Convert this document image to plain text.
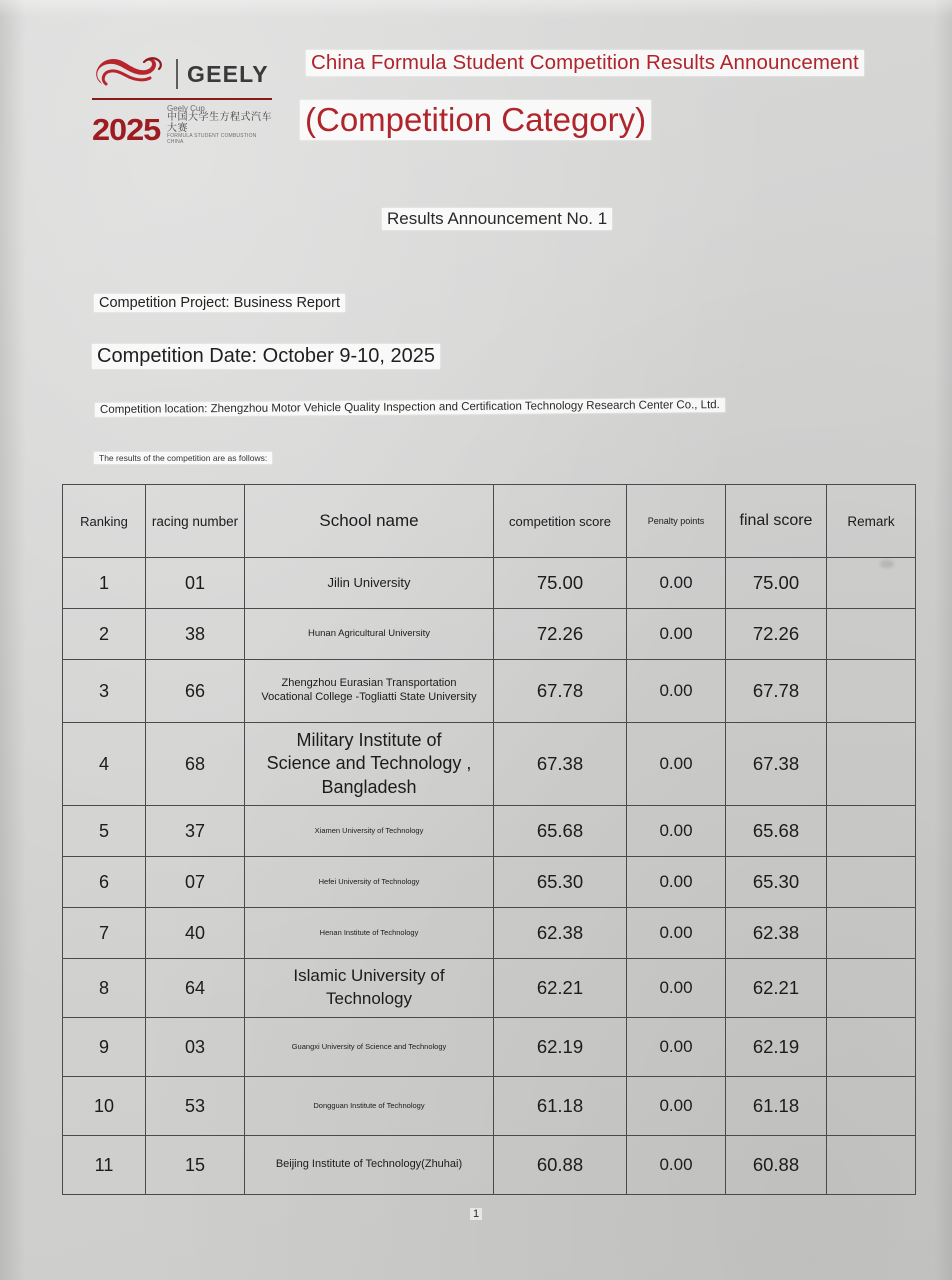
GEELY
2025
Geely Cup
中国大学生方程式汽车大赛
FORMULA STUDENT COMBUSTION CHINA
China Formula Student Competition Results Announcement
(Competition Category)
Results Announcement No. 1
Competition Project: Business Report
Competition Date: October 9-10, 2025
Competition location: Zhengzhou Motor Vehicle Quality Inspection and Certification Technology Research Center Co., Ltd.
The results of the competition are as follows:
Ranking	racing number	School name	competition score	Penalty points	final score	Remark
1	01	Jilin University	75.00	0.00	75.00	
2	38	Hunan Agricultural University	72.26	0.00	72.26	
3	66	Zhengzhou Eurasian Transportation
Vocational College -Togliatti State University	67.78	0.00	67.78	
4	68	Military Institute of
Science and Technology ,
Bangladesh	67.38	0.00	67.38	
5	37	Xiamen University of Technology	65.68	0.00	65.68	
6	07	Hefei University of Technology	65.30	0.00	65.30	
7	40	Henan Institute of Technology	62.38	0.00	62.38	
8	64	Islamic University of
Technology	62.21	0.00	62.21	
9	03	Guangxi University of Science and Technology	62.19	0.00	62.19	
10	53	Dongguan Institute of Technology	61.18	0.00	61.18	
11	15	Beijing Institute of Technology(Zhuhai)	60.88	0.00	60.88	
1
